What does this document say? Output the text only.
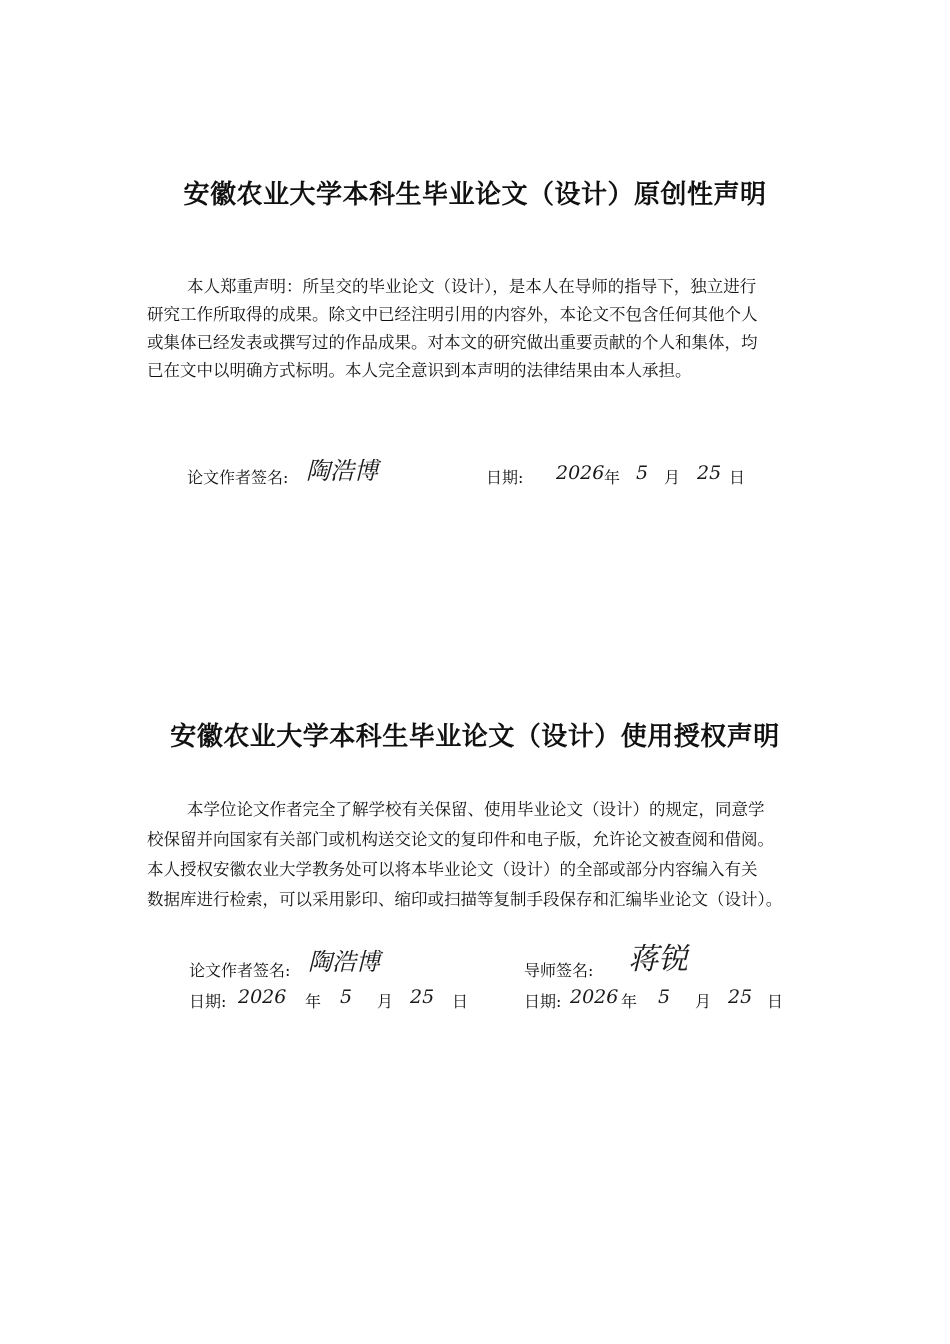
安徽农业大学本科生毕业论文（设计）原创性声明
本人郑重声明：所呈交的毕业论文（设计），是本人在导师的指导下，独立进行
研究工作所取得的成果。除文中已经注明引用的内容外，本论文不包含任何其他个人
或集体已经发表或撰写过的作品成果。对本文的研究做出重要贡献的个人和集体，均
已在文中以明确方式标明。本人完全意识到本声明的法律结果由本人承担。
论文作者签名: 陶浩博	日期: 2026 年 5 月 25 日
安徽农业大学本科生毕业论文（设计）使用授权声明
本学位论文作者完全了解学校有关保留、使用毕业论文（设计）的规定，同意学
校保留并向国家有关部门或机构送交论文的复印件和电子版，允许论文被查阅和借阅。
本人授权安徽农业大学教务处可以将本毕业论文（设计）的全部或部分内容编入有关
数据库进行检索，可以采用影印、缩印或扫描等复制手段保存和汇编毕业论文（设计）。
论文作者签名: 陶浩博	导师签名: 蒋锐
日期: 2026 年 5 月 25 日	日期: 2026 年 5 月 25 日
